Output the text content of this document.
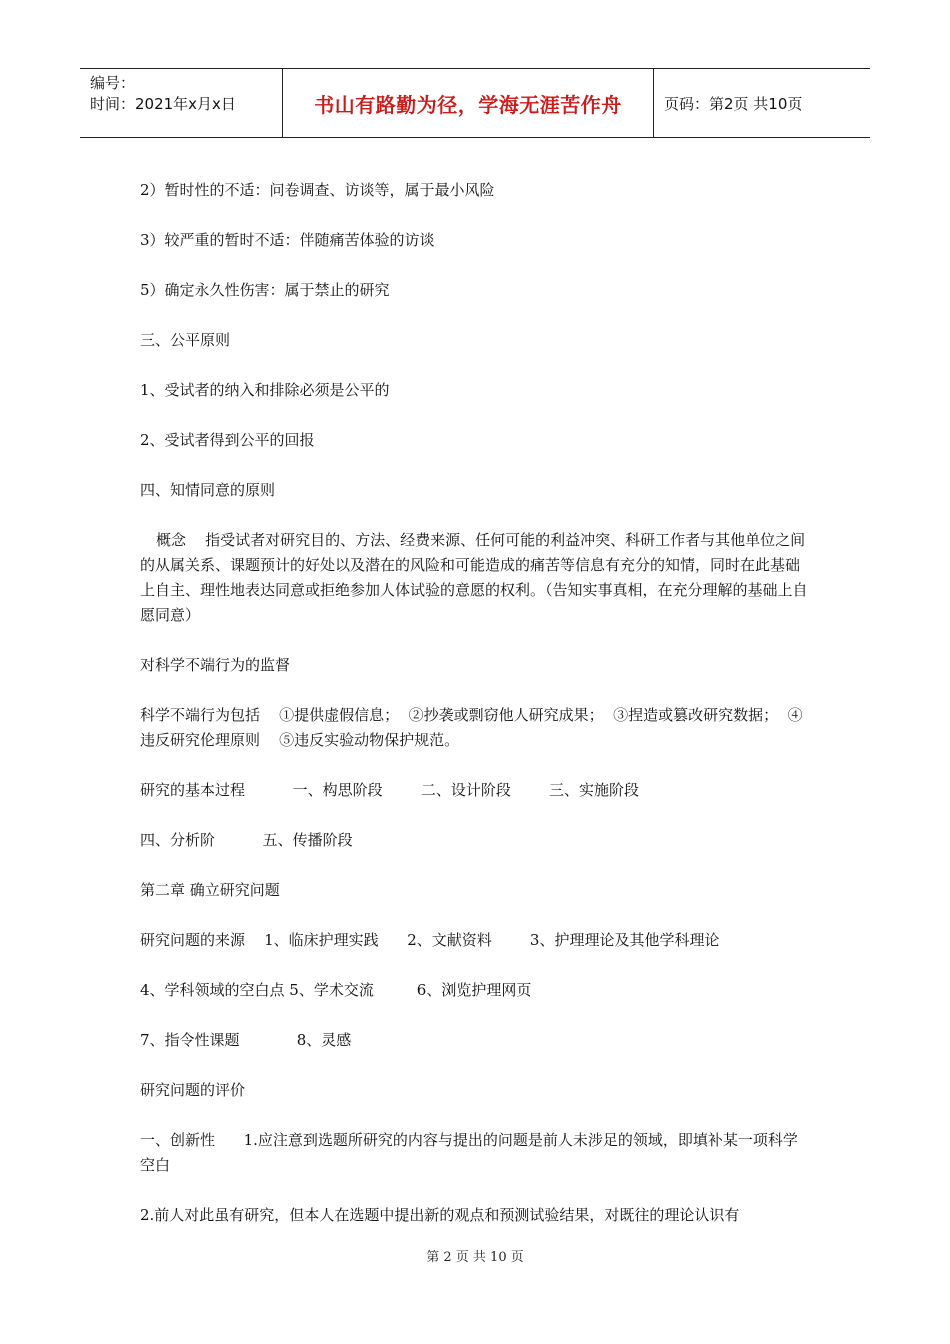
编号：
时间：2021年x月x日	书山有路勤为径，学海无涯苦作舟	页码：第2页 共10页

2）暂时性的不适：问卷调查、访谈等，属于最小风险

3）较严重的暂时不适：伴随痛苦体验的访谈

5）确定永久性伤害：属于禁止的研究

三、公平原则

1、受试者的纳入和排除必须是公平的

2、受试者得到公平的回报

四、知情同意的原则

概念    指受试者对研究目的、方法、经费来源、任何可能的利益冲突、科研工作者与其他单位之间的从属关系、课题预计的好处以及潜在的风险和可能造成的痛苦等信息有充分的知情，同时在此基础上自主、理性地表达同意或拒绝参加人体试验的意愿的权利。（告知实事真相，在充分理解的基础上自愿同意）

对科学不端行为的监督

科学不端行为包括    ①提供虚假信息；  ②抄袭或剽窃他人研究成果；  ③捏造或篡改研究数据；  ④违反研究伦理原则    ⑤违反实验动物保护规范。

研究的基本过程          一、构思阶段        二、设计阶段        三、实施阶段

四、分析阶          五、传播阶段

第二章 确立研究问题

研究问题的来源    1、临床护理实践      2、文献资料        3、护理理论及其他学科理论

4、学科领域的空白点 5、学术交流         6、浏览护理网页

7、指令性课题            8、灵感

研究问题的评价

一、创新性      1.应注意到选题所研究的内容与提出的问题是前人未涉足的领域，即填补某一项科学空白

2.前人对此虽有研究，但本人在选题中提出新的观点和预测试验结果，对既往的理论认识有

第 2 页 共 10 页
